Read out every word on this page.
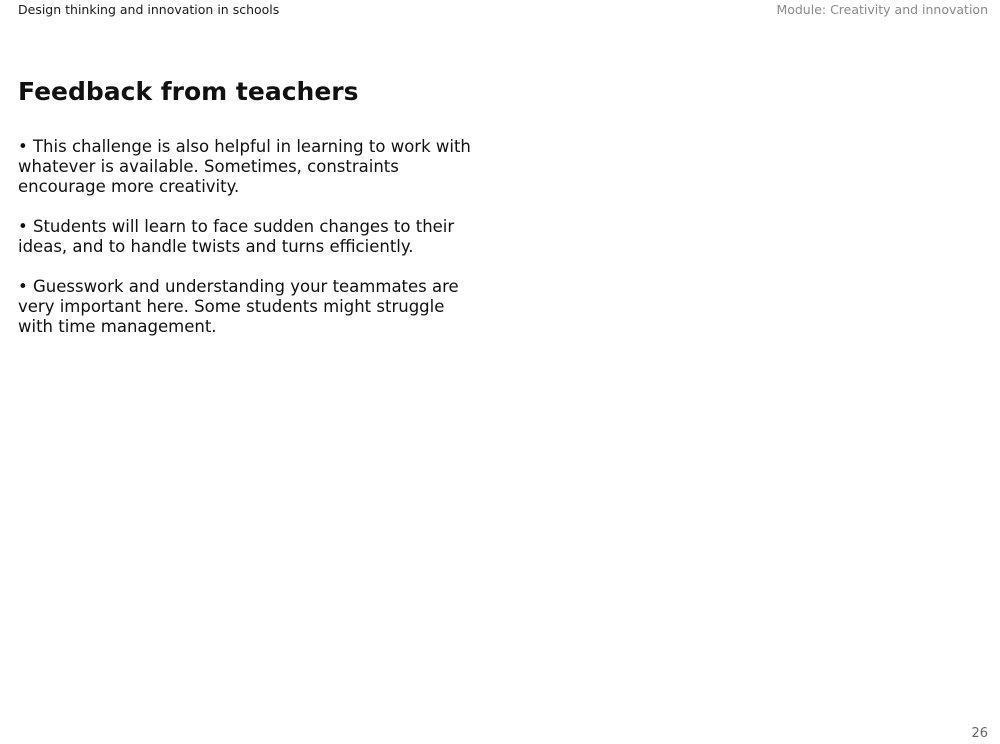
Design thinking and innovation in schools	Module: Creativity and innovation
Feedback from teachers
• This challenge is also helpful in learning to work with whatever is available. Sometimes, constraints encourage more creativity.
• Students will learn to face sudden changes to their ideas, and to handle twists and turns efficiently.
• Guesswork and understanding your teammates are very important here. Some students might struggle with time management.
26
